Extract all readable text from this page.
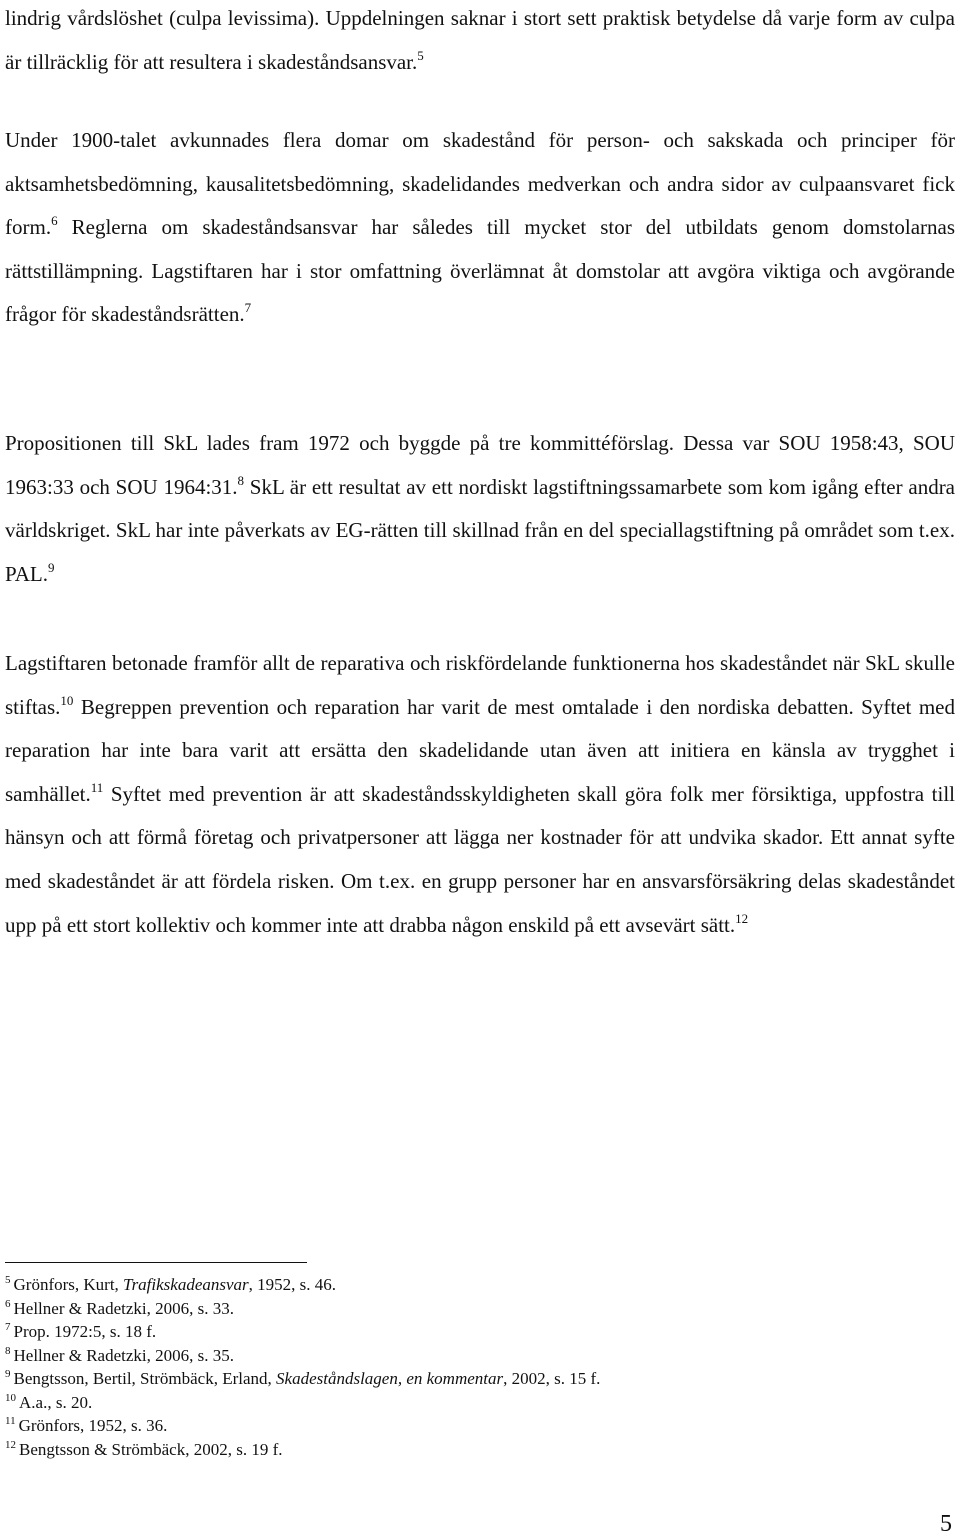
lindrig vårdslöshet (culpa levissima). Uppdelningen saknar i stort sett praktisk betydelse då varje form av culpa är tillräcklig för att resultera i skadeståndsansvar.$^5$

Under 1900-talet avkunnades flera domar om skadestånd för person- och sakskada och principer för aktsamhetsbedömning, kausalitetsbedömning, skadelidandes medverkan och andra sidor av culpaansvaret fick form.$^6$ Reglerna om skadeståndsansvar har således till mycket stor del utbildats genom domstolarnas rättstillämpning. Lagstiftaren har i stor omfattning överlämnat åt domstolar att avgöra viktiga och avgörande frågor för skadeståndsrätten.$^7$

Propositionen till SkL lades fram 1972 och byggde på tre kommittéförslag. Dessa var SOU 1958:43, SOU 1963:33 och SOU 1964:31.$^8$ SkL är ett resultat av ett nordiskt lagstiftningssamarbete som kom igång efter andra världskriget. SkL har inte påverkats av EG-rätten till skillnad från en del speciallagstiftning på området som t.ex. PAL.$^9$

Lagstiftaren betonade framför allt de reparativa och riskfördelande funktionerna hos skadeståndet när SkL skulle stiftas.$^{10}$ Begreppen prevention och reparation har varit de mest omtalade i den nordiska debatten. Syftet med reparation har inte bara varit att ersätta den skadelidande utan även att initiera en känsla av trygghet i samhället.$^{11}$ Syftet med prevention är att skadeståndsskyldigheten skall göra folk mer försiktiga, uppfostra till hänsyn och att förmå företag och privatpersoner att lägga ner kostnader för att undvika skador. Ett annat syfte med skadeståndet är att fördela risken. Om t.ex. en grupp personer har en ansvarsförsäkring delas skadeståndet upp på ett stort kollektiv och kommer inte att drabba någon enskild på ett avsevärt sätt.$^{12}$

$^5$ Grönfors, Kurt, Trafikskadeansvar, 1952, s. 46.
$^6$ Hellner & Radetzki, 2006, s. 33.
$^7$ Prop. 1972:5, s. 18 f.
$^8$ Hellner & Radetzki, 2006, s. 35.
$^9$ Bengtsson, Bertil, Strömbäck, Erland, Skadeståndslagen, en kommentar, 2002, s. 15 f.
$^{10}$ A.a., s. 20.
$^{11}$ Grönfors, 1952, s. 36.
$^{12}$ Bengtsson & Strömbäck, 2002, s. 19 f.
5
